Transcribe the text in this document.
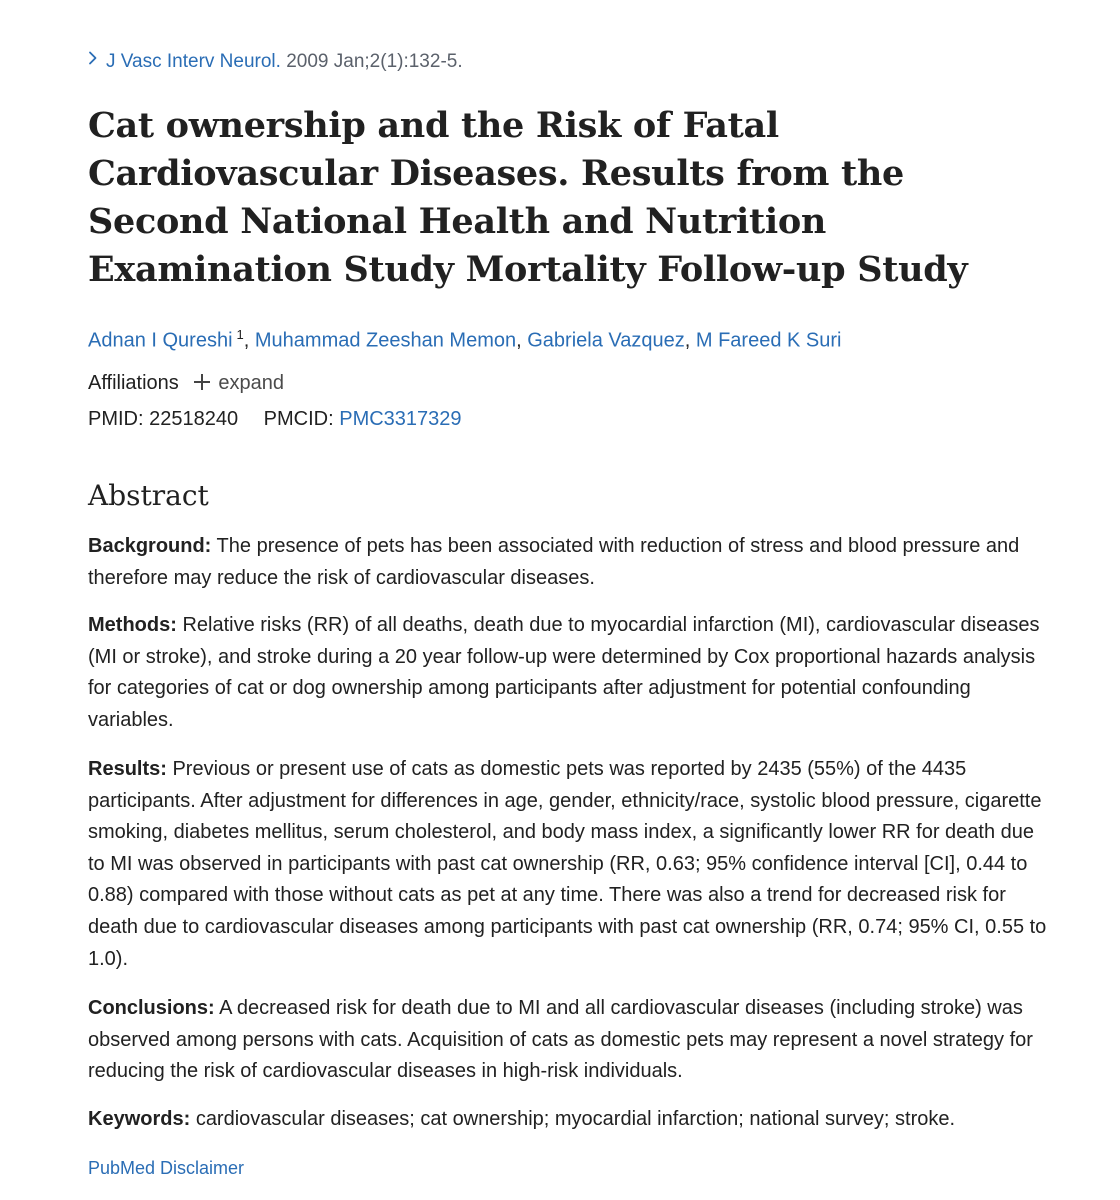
J Vasc Interv Neurol. 2009 Jan;2(1):132-5.
Cat ownership and the Risk of Fatal Cardiovascular Diseases. Results from the Second National Health and Nutrition Examination Study Mortality Follow-up Study
Adnan I Qureshi $^1$, Muhammad Zeeshan Memon, Gabriela Vazquez, M Fareed K Suri
Affiliations expand
PMID: 22518240 PMCID: PMC3317329
Abstract

Background: The presence of pets has been associated with reduction of stress and blood pressure and therefore may reduce the risk of cardiovascular diseases.

Methods: Relative risks (RR) of all deaths, death due to myocardial infarction (MI), cardiovascular diseases (MI or stroke), and stroke during a 20 year follow-up were determined by Cox proportional hazards analysis for categories of cat or dog ownership among participants after adjustment for potential confounding variables.

Results: Previous or present use of cats as domestic pets was reported by 2435 (55%) of the 4435 participants. After adjustment for differences in age, gender, ethnicity/race, systolic blood pressure, cigarette smoking, diabetes mellitus, serum cholesterol, and body mass index, a significantly lower RR for death due to MI was observed in participants with past cat ownership (RR, 0.63; 95% confidence interval [CI], 0.44 to 0.88) compared with those without cats as pet at any time. There was also a trend for decreased risk for death due to cardiovascular diseases among participants with past cat ownership (RR, 0.74; 95% CI, 0.55 to 1.0).

Conclusions: A decreased risk for death due to MI and all cardiovascular diseases (including stroke) was observed among persons with cats. Acquisition of cats as domestic pets may represent a novel strategy for reducing the risk of cardiovascular diseases in high-risk individuals.

Keywords: cardiovascular diseases; cat ownership; myocardial infarction; national survey; stroke.

PubMed Disclaimer
